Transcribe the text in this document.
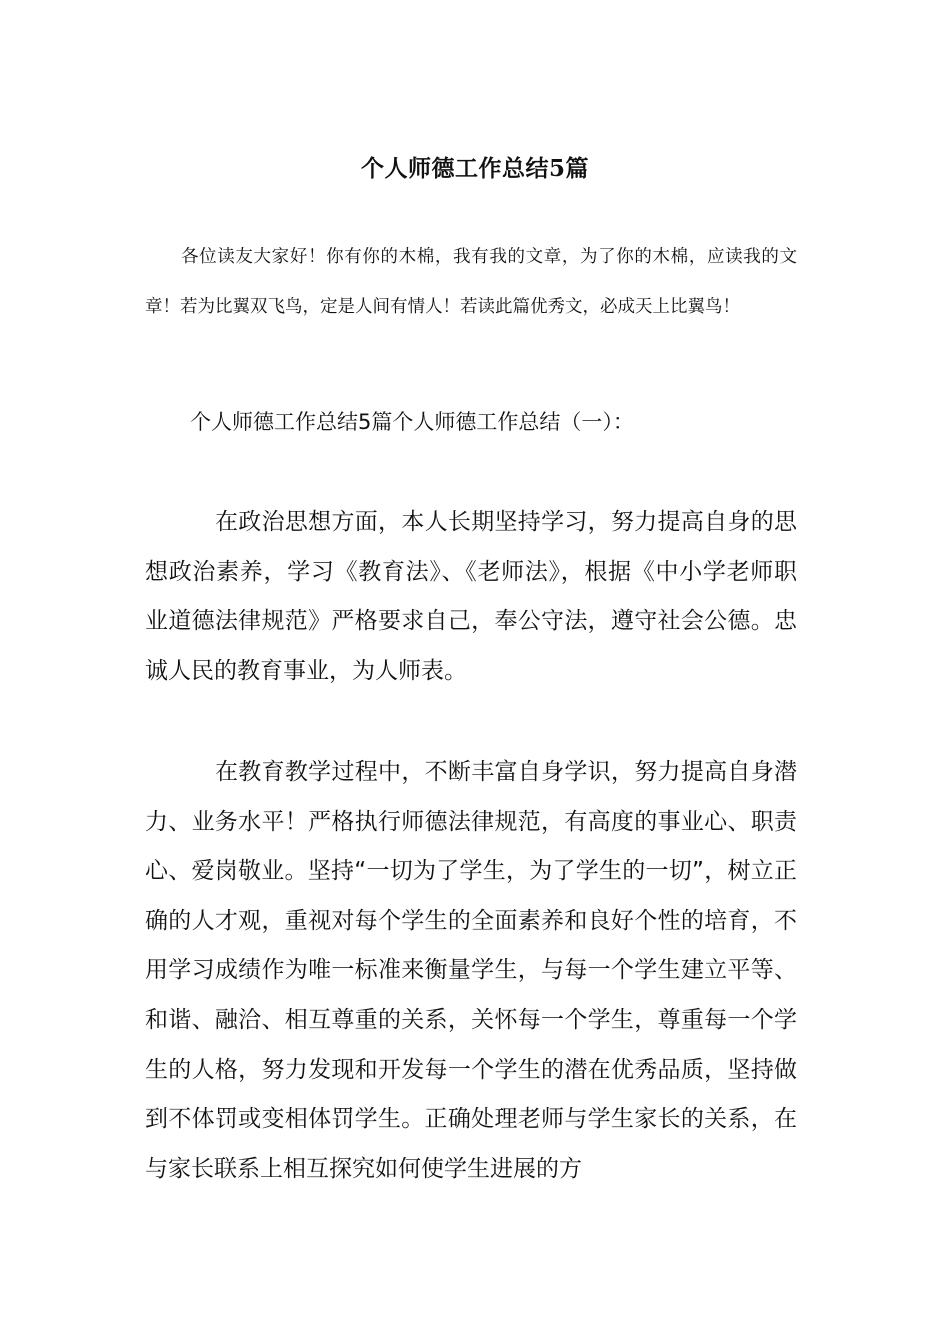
个人师德工作总结5篇

各位读友大家好！你有你的木棉，我有我的文章，为了你的木棉，应读我的文章！若为比翼双飞鸟，定是人间有情人！若读此篇优秀文，必成天上比翼鸟！

个人师德工作总结5篇个人师德工作总结（一）：

在政治思想方面，本人长期坚持学习，努力提高自身的思想政治素养，学习《教育法》、《老师法》，根据《中小学老师职业道德法律规范》严格要求自己，奉公守法，遵守社会公德。忠诚人民的教育事业，为人师表。

在教育教学过程中，不断丰富自身学识，努力提高自身潜力、业务水平！严格执行师德法律规范，有高度的事业心、职责心、爱岗敬业。坚持“一切为了学生，为了学生的一切”，树立正确的人才观，重视对每个学生的全面素养和良好个性的培育，不用学习成绩作为唯一标准来衡量学生，与每一个学生建立平等、和谐、融洽、相互尊重的关系，关怀每一个学生，尊重每一个学生的人格，努力发现和开发每一个学生的潜在优秀品质，坚持做到不体罚或变相体罚学生。正确处理老师与学生家长的关系，在与家长联系上相互探究如何使学生进展的方
